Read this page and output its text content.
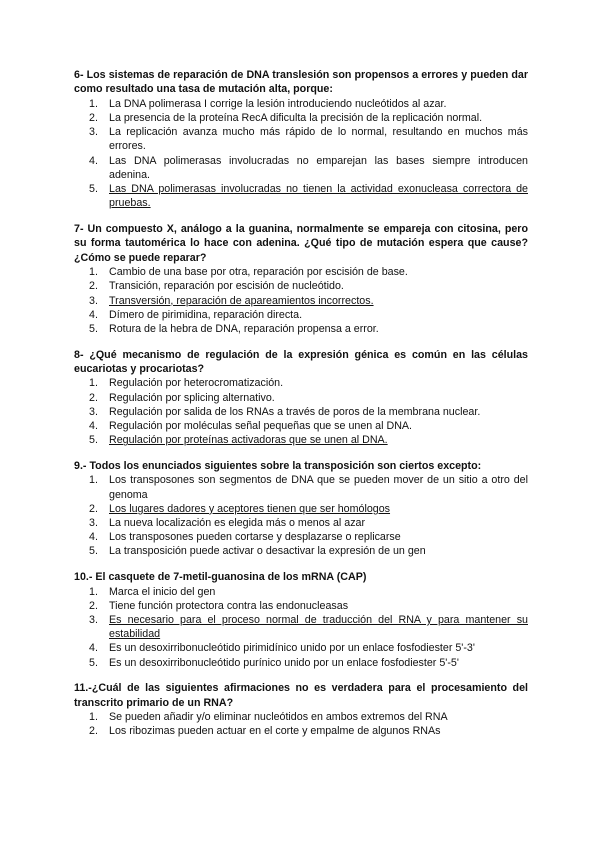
6- Los sistemas de reparación de DNA translesión son propensos a errores y pueden dar como resultado una tasa de mutación alta, porque:

1.	La DNA polimerasa I corrige la lesión introduciendo nucleótidos al azar.
2.	La presencia de la proteína RecA dificulta la precisión de la replicación normal.
3.	La replicación avanza mucho más rápido de lo normal, resultando en muchos más errores.
4.	Las DNA polimerasas involucradas no emparejan las bases siempre introducen adenina.
5.	Las DNA polimerasas involucradas no tienen la actividad exonucleasa correctora de pruebas.

7- Un compuesto X, análogo a la guanina, normalmente se empareja con citosina, pero su forma tautomérica lo hace con adenina. ¿Qué tipo de mutación espera que cause? ¿Cómo se puede reparar?

1.	Cambio de una base por otra, reparación por escisión de base.
2.	Transición, reparación por escisión de nucleótido.
3.	Transversión, reparación de apareamientos incorrectos.
4.	Dímero de pirimidina, reparación directa.
5.	Rotura de la hebra de DNA, reparación propensa a error.

8- ¿Qué mecanismo de regulación de la expresión génica es común en las células eucariotas y procariotas?

1.	Regulación por heterocromatización.
2.	Regulación por splicing alternativo.
3.	Regulación por salida de los RNAs a través de poros de la membrana nuclear.
4.	Regulación por moléculas señal pequeñas que se unen al DNA.
5.	Regulación por proteínas activadoras que se unen al DNA.

9.- Todos los enunciados siguientes sobre la transposición son ciertos excepto:

1.	Los transposones son segmentos de DNA que se pueden mover de un sitio a otro del genoma
2.	Los lugares dadores y aceptores tienen que ser homólogos
3.	La nueva localización es elegida más o menos al azar
4.	Los transposones pueden cortarse y desplazarse o replicarse
5.	La transposición puede activar o desactivar la expresión de un gen

10.- El casquete de 7-metil-guanosina de los mRNA (CAP)

1.	Marca el inicio del gen
2.	Tiene función protectora contra las endonucleasas
3.	Es necesario para el proceso normal de traducción del RNA y para mantener su estabilidad
4.	Es un desoxirribonucleótido pirimidínico unido por un enlace fosfodiester 5'-3'
5.	Es un desoxirribonucleótido purínico unido por un enlace fosfodiester 5'-5'

11.-¿Cuál de las siguientes afirmaciones no es verdadera para el procesamiento del transcrito primario de un RNA?

1.	Se pueden añadir y/o eliminar nucleótidos en ambos extremos del RNA
2.	Los ribozimas pueden actuar en el corte y empalme de algunos RNAs
